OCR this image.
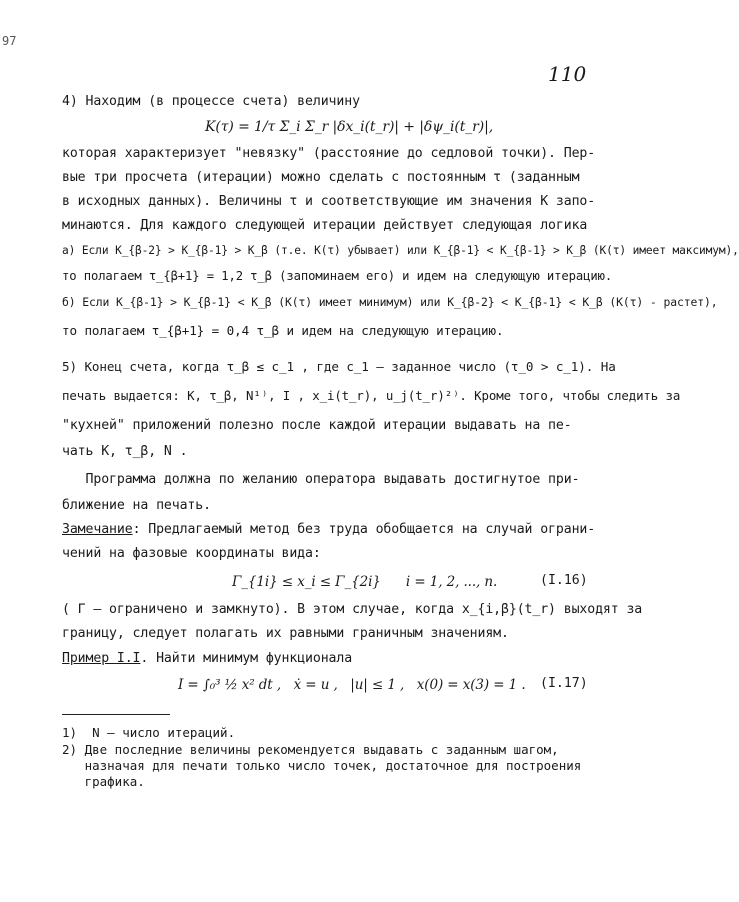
97
110
4) Находим (в процессе счета) величину
K(τ) = 1/τ Σ_i Σ_r |δx_i(t_r)| + |δψ_i(t_r)|,
которая характеризует "невязку" (расстояние до седловой точки). Пер-
вые три просчета (итерации) можно сделать с постоянным τ (заданным
в исходных данных). Величины τ и соответствующие им значения K запо-
минаются. Для каждого следующей итерации действует следующая логика
а) Если K_{β-2} > K_{β-1} > K_β (т.е. K(τ) убывает) или K_{β-1} < K_{β-1} > K_β (K(τ) имеет максимум),
то полагаем τ_{β+1} = 1,2 τ_β (запоминаем его) и идем на следующую итерацию.
б) Если K_{β-1} > K_{β-1} < K_β (K(τ) имеет минимум) или K_{β-2} < K_{β-1} < K_β (K(τ) - растет),
то полагаем τ_{β+1} = 0,4 τ_β и идем на следующую итерацию.
5) Конец счета, когда τ_β ≤ c_1 , где c_1 – заданное число (τ_0 > c_1). На
печать выдается: K, τ_β, N¹⁾, I , x_i(t_r), u_j(t_r)²⁾. Кроме того, чтобы следить за
"кухней" приложений полезно после каждой итерации выдавать на пе-
чать K, τ_β, N .
Программа должна по желанию оператора выдавать достигнутое при-
ближение на печать.
Замечание: Предлагаемый метод без труда обобщается на случай ограни-
чений на фазовые координаты вида:
Γ_{1i} ≤ x_i ≤ Γ_{2i}      i = 1, 2, ..., n.	(I.16)
( Γ – ограничено и замкнуто). В этом случае, когда x_{i,β}(t_r) выходят за
границу, следует полагать их равными граничным значениям.
Пример I.I. Найти минимум функционала
I = ∫₀³ ½ x² dt ,   ẋ = u ,   |u| ≤ 1 ,   x(0) = x(3) = 1 . (I.17)
1)  N – число итераций.
2) Две последние величины рекомендуется выдавать с заданным шагом,
назначая для печати только число точек, достаточное для построения
графика.
